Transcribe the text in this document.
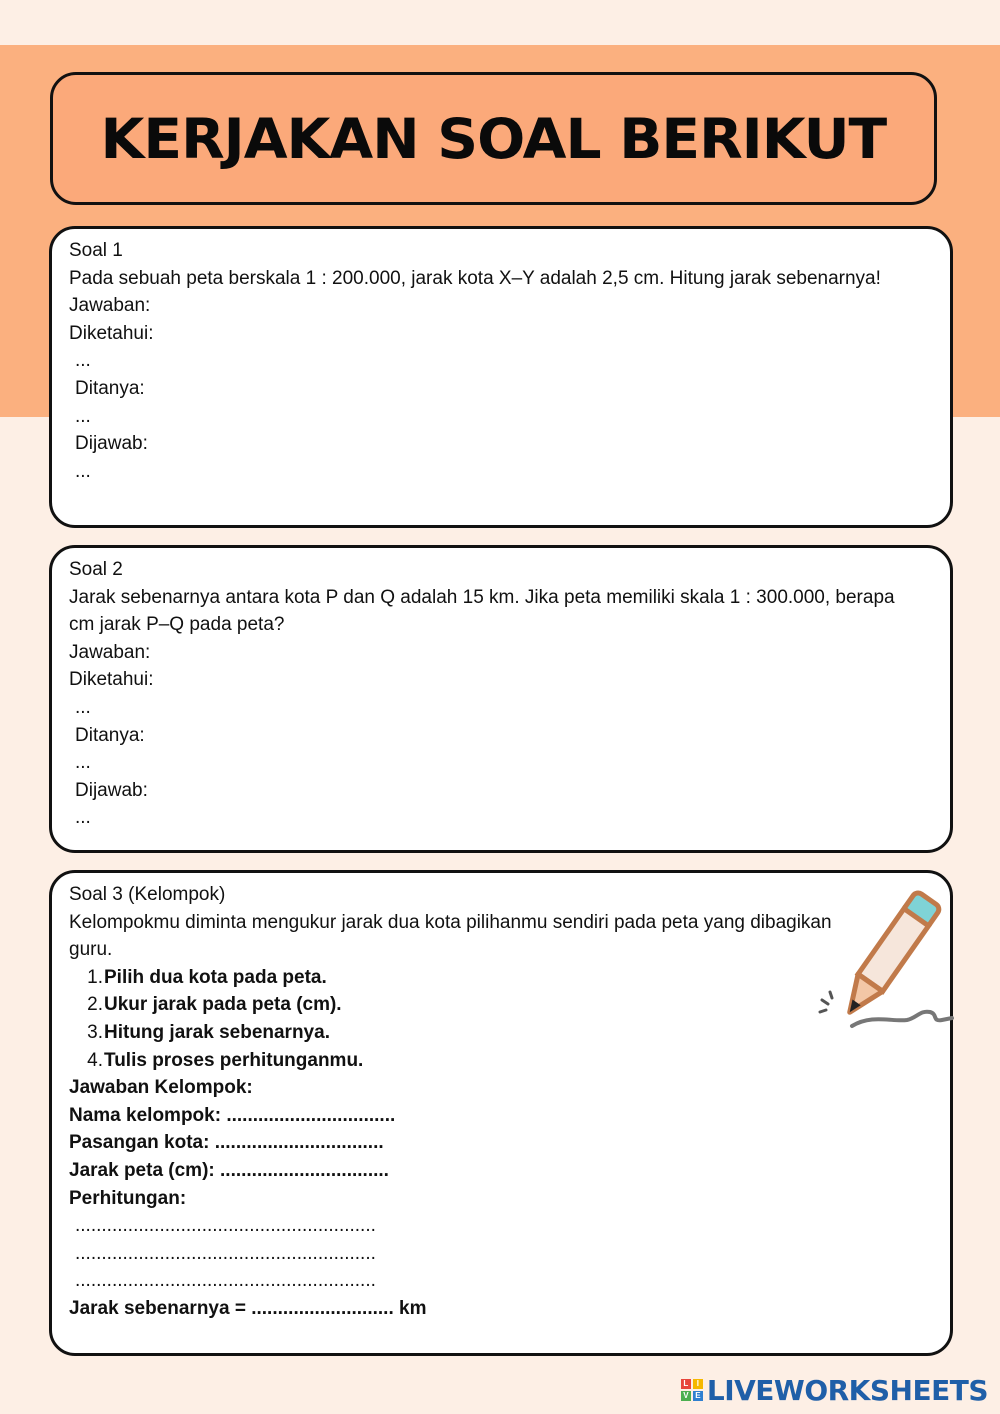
KERJAKAN SOAL BERIKUT
Soal 1
Pada sebuah peta berskala 1 : 200.000, jarak kota X–Y adalah 2,5 cm. Hitung jarak sebenarnya!
Jawaban:
Diketahui:
...
Ditanya:
...
Dijawab:
...
Soal 2
Jarak sebenarnya antara kota P dan Q adalah 15 km. Jika peta memiliki skala 1 : 300.000, berapa cm jarak P–Q pada peta?
Jawaban:
Diketahui:
...
Ditanya:
...
Dijawab:
...
Soal 3 (Kelompok)
Kelompokmu diminta mengukur jarak dua kota pilihanmu sendiri pada peta yang dibagikan guru.
1. Pilih dua kota pada peta.
2. Ukur jarak pada peta (cm).
3. Hitung jarak sebenarnya.
4. Tulis proses perhitunganmu.
Jawaban Kelompok:
Nama kelompok: ................................
Pasangan kota: ................................
Jarak peta (cm): ................................
Perhitungan:
.........................................................
.........................................................
.........................................................
Jarak sebenarnya = ........................... km
L	I
V E LIVEWORKSHEETS
